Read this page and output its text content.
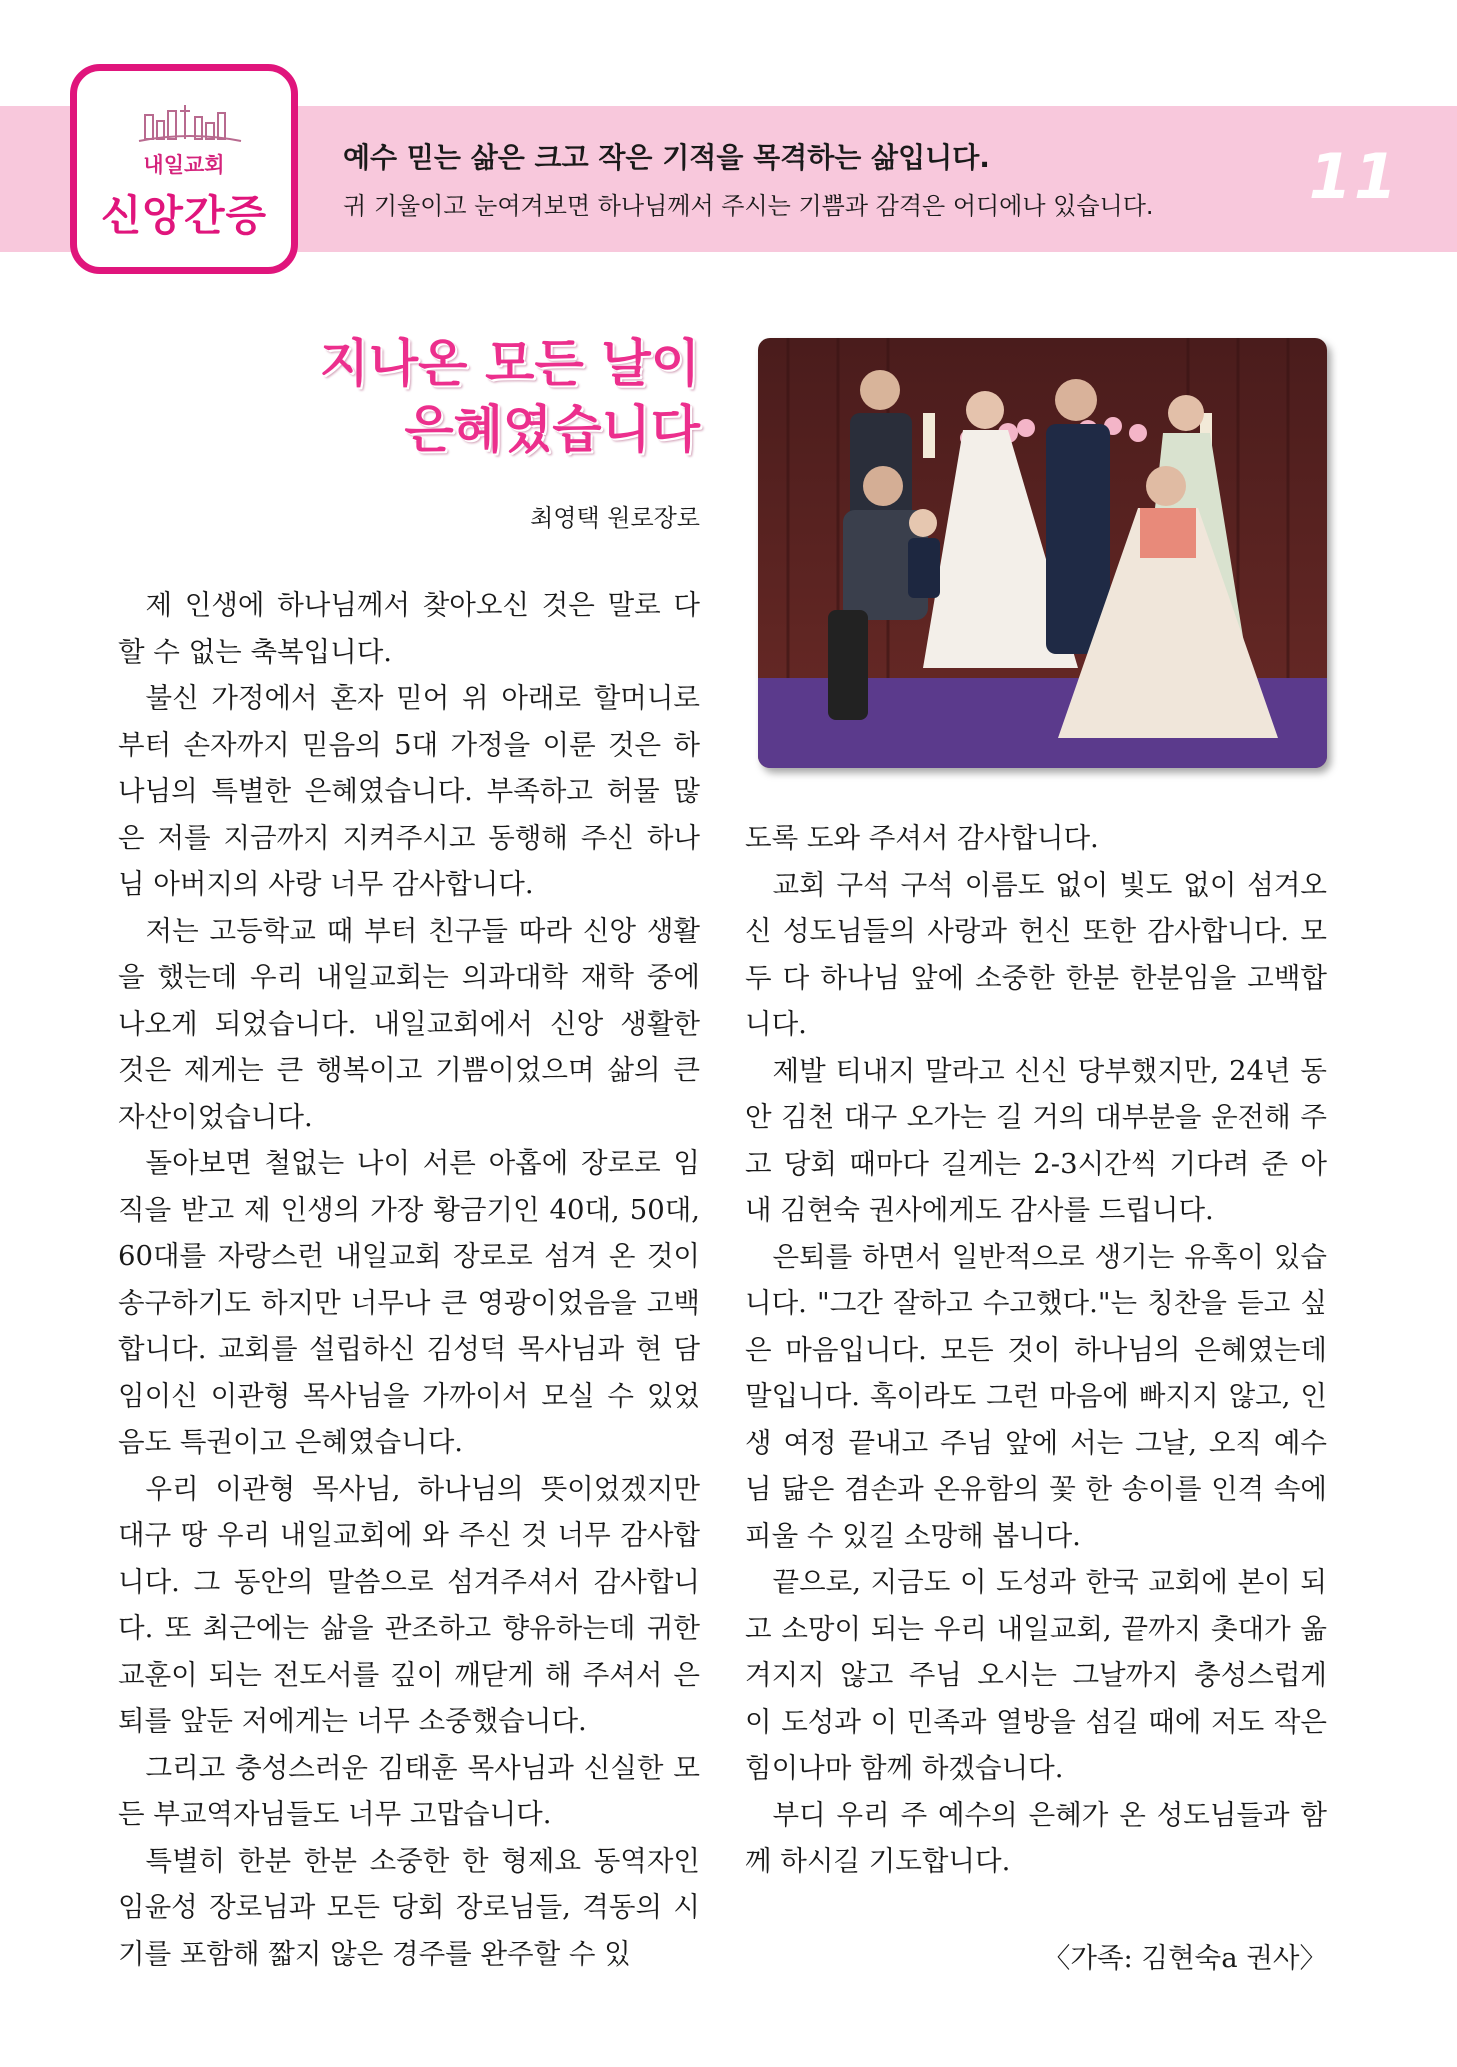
내일교회
신앙간증
예수 믿는 삶은 크고 작은 기적을 목격하는 삶입니다.
귀 기울이고 눈여겨보면 하나님께서 주시는 기쁨과 감격은 어디에나 있습니다.	11
지나온 모든 날이
은혜였습니다
최영택 원로장로

제 인생에 하나님께서 찾아오신 것은 말로 다 할 수 없는 축복입니다.

불신 가정에서 혼자 믿어 위 아래로 할머니로 부터 손자까지 믿음의 5대 가정을 이룬 것은 하나님의 특별한 은혜였습니다. 부족하고 허물 많은 저를 지금까지 지켜주시고 동행해 주신 하나님 아버지의 사랑 너무 감사합니다.

저는 고등학교 때 부터 친구들 따라 신앙 생활을 했는데 우리 내일교회는 의과대학 재학 중에 나오게 되었습니다. 내일교회에서 신앙 생활한 것은 제게는 큰 행복이고 기쁨이었으며 삶의 큰 자산이었습니다.

돌아보면 철없는 나이 서른 아홉에 장로로 임직을 받고 제 인생의 가장 황금기인 40대, 50대, 60대를 자랑스런 내일교회 장로로 섬겨 온 것이 송구하기도 하지만 너무나 큰 영광이었음을 고백합니다. 교회를 설립하신 김성덕 목사님과 현 담임이신 이관형 목사님을 가까이서 모실 수 있었음도 특권이고 은혜였습니다.

우리 이관형 목사님, 하나님의 뜻이었겠지만 대구 땅 우리 내일교회에 와 주신 것 너무 감사합니다. 그 동안의 말씀으로 섬겨주셔서 감사합니다. 또 최근에는 삶을 관조하고 향유하는데 귀한 교훈이 되는 전도서를 깊이 깨닫게 해 주셔서 은퇴를 앞둔 저에게는 너무 소중했습니다.

그리고 충성스러운 김태훈 목사님과 신실한 모든 부교역자님들도 너무 고맙습니다.

특별히 한분 한분 소중한 한 형제요 동역자인 임윤성 장로님과 모든 당회 장로님들, 격동의 시기를 포함해 짧지 않은 경주를 완주할 수 있

도록 도와 주셔서 감사합니다.

교회 구석 구석 이름도 없이 빛도 없이 섬겨오신 성도님들의 사랑과 헌신 또한 감사합니다. 모두 다 하나님 앞에 소중한 한분 한분임을 고백합니다.

제발 티내지 말라고 신신 당부했지만, 24년 동안 김천 대구 오가는 길 거의 대부분을 운전해 주고 당회 때마다 길게는 2-3시간씩 기다려 준 아내 김현숙 권사에게도 감사를 드립니다.

은퇴를 하면서 일반적으로 생기는 유혹이 있습니다. "그간 잘하고 수고했다."는 칭찬을 듣고 싶은 마음입니다. 모든 것이 하나님의 은혜였는데 말입니다. 혹이라도 그런 마음에 빠지지 않고, 인생 여정 끝내고 주님 앞에 서는 그날, 오직 예수님 닮은 겸손과 온유함의 꽃 한 송이를 인격 속에 피울 수 있길 소망해 봅니다.

끝으로, 지금도 이 도성과 한국 교회에 본이 되고 소망이 되는 우리 내일교회, 끝까지 촛대가 옮겨지지 않고 주님 오시는 그날까지 충성스럽게 이 도성과 이 민족과 열방을 섬길 때에 저도 작은 힘이나마 함께 하겠습니다.

부디 우리 주 예수의 은혜가 온 성도님들과 함께 하시길 기도합니다.

〈가족: 김현숙a 권사〉
